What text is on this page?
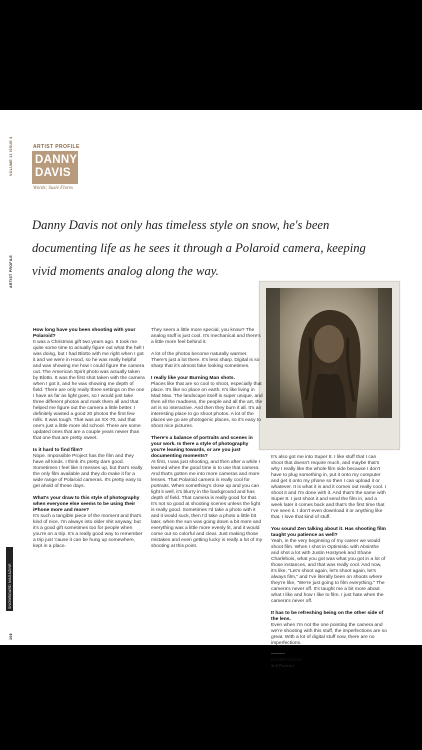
VOLUME 13 ISSUE 4
ARTIST PROFILE
SNOWBOARD MAGAZINE
108
ARTIST PROFILE
DANNY
DAVIS
Words: Susie Flores
Danny Davis not only has timeless style on snow, he's been documenting life as he sees it through a Polaroid camera, keeping vivid moments analog along the way.
How long have you been shooting with your Polaroid?
It was a Christmas gift two years ago. It took me quite some time to actually figure out what the hell I was doing, but I had Blotto with me right when I got it and we were in Hood, so he was really helpful and was showing me how I could figure the camera out. The American Spirit photo was actually taken by Blotto. It was the first shot taken with the camera when I got it, and he was showing me depth of field. There are only really three settings on the one I have as far as light goes, so I would just take three different photos and mark them all and that helped me figure out the camera a little better. I definitely wasted a good 20 photos the first few rolls. It was tough. That was an SX-70, and that one's just a little more old school. There are some updated ones that are a couple years newer than that one that are pretty sweet.
Is it hard to find film?
Nope. Impossible Project has the film and they have all kinds. I think it's pretty darn good. Sometimes I feel like it messes up, but that's really the only film available and they do make it for a wide range of Polaroid cameras. It's pretty easy to get ahold of these days.
What's your draw to this style of photography when everyone else seems to be using their iPhone more and more?
It's such a tangible piece of the moment and that's kind of nice. I'm always into older shit anyway, but it's a good gift sometimes too for people when you're on a trip. It's a really good way to remember a trip just 'cause it can be hung up somewhere, kept in a place.
They seem a little more special, you know? The analog stuff is just cool. It's mechanical and there's a little more feel behind it.
A lot of the photos become naturally warmer. There's just a lot there. It's less sharp. Digital is so sharp that it's almost fake looking sometimes.
I really like your Burning Man shots.
Places like that are so cool to shoot, especially that place. It's like no place on earth. It's like living in Mad Max. The landscape itself is super unique, and then all the madness, the people and all the art, the art is so interactive. And then they burn it all. It's an interesting place to go shoot photos. A lot of the places we go are photogenic places, so it's easy to shoot nice pictures.
There's a balance of portraits and scenes in your work. Is there a style of photography you're leaning towards, or are you just documenting moments?
At first, I was just shooting, and then after a while I learned when the good time is to use that camera. And that's gotten me into more cameras and more lenses. That Polaroid camera is really cool for portraits. When something's close up and you can light it well, it's blurry in the background and has depth of field. That camera is really good for that. It's not so good at shooting scenes unless the light is really good. Sometimes I'd take a photo with it and it would suck, then I'd take a photo a little bit later, when the sun was going down a bit more and everything was a little more evenly lit, and it would come out so colorful and clear. Just making those mistakes and even getting lucky is really a lot of my shooting at this point.
It's also got me into Super 8. I like stuff that I can shoot that doesn't require much, and maybe that's why I really like the whole film side because I don't have to plug something in, put it onto my computer and get it onto my phone so then I can upload it or whatever. It is what it is and it comes out really cool. I shoot it and I'm done with it. And that's the same with Super 8. I just shoot it and send the film in, and a week later it comes back and that's the first time that I've seen it. I don't even download it or anything like that. I love that kind of stuff.
You sound Zen talking about it. Has shooting film taught you patience as well?
Yeah, in the very beginning of my career we would shoot film. When I shot in Optimistic with Absinthe and shot a lot with Justin Hostynek and Shane Charlebois, what you got was what you got in a lot of those instances, and that was really cool. And now, it's like, "Let's shoot again, let's shoot again, let's always film," and I've literally been on shoots where they're like, "We're just going to film everything." The camera's never off. It's taught me a bit more about what I like and how I like to film. I just hate when the camera's never off.
It has to be refreshing being on the other side of the lens.
Even when I'm not the one pointing the camera and we're shooting with this stuff, the imperfections are so great. With a lot of digital stuff now, there are no imperfections.
DANNY DAVIS
Self Portrait
